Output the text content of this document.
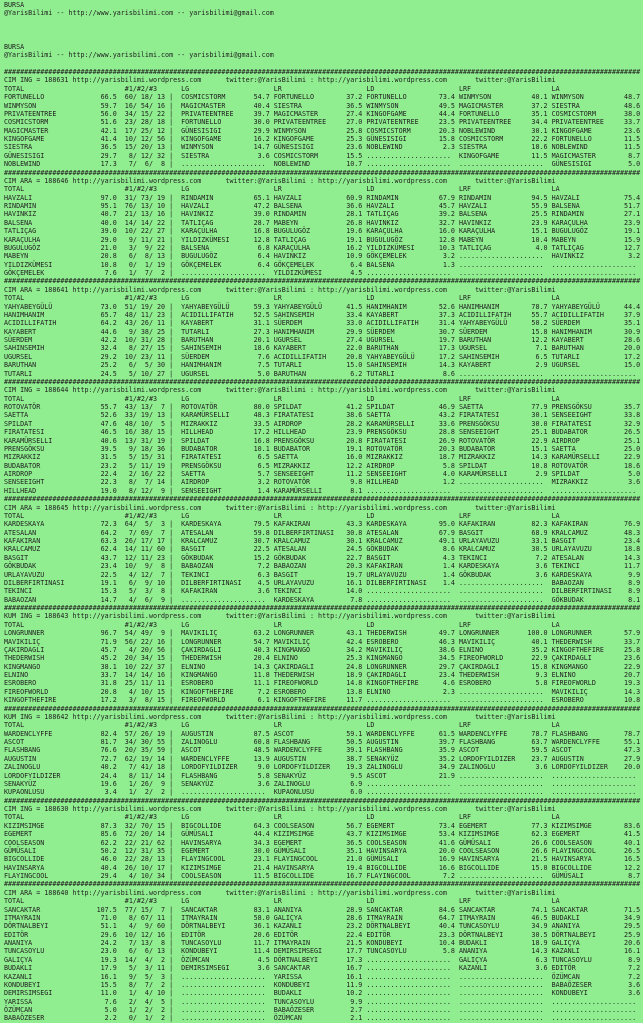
BURSA
@YarisBilimi -- http://www.yarisbilimi.com -- yarisbilimi@gmail.com

BURSA
@YarisBilimi -- http://www.yarisbilimi.com -- yarisbilimi@gmail.com

##############################################################################################################################################################
CIM ING = 188631 http://yarisbilimi.wordpress.com      twitter:@YarisBilimi : http://yarisbilimi.wordpress.com       twitter:@YarisBilimi
TOTAL                         #1/#2/#3      LG                     LR                     LD                     LRF                    LA
FORTUNELLO              66.5  60/ 18/ 13 |  COSMICSTORM       54.7 FORTUNELLO        37.2 FORTUNELLO        73.4 WINMYSON          40.1 WINMYSON          48.7
WINMYSON                59.7  16/ 54/ 16 |  MAGICMASTER       40.4 SIESTRA           36.5 WINMYSON          49.5 MAGICMASTER       37.2 SIESTRA           48.6
PRIVATEENTREE           56.0  34/ 15/ 22 |  PRIVATEENTREE     39.7 MAGICMASTER       27.4 KINGOFGAME        44.4 FORTUNELLO        35.1 COSMICSTORM       38.0
COSMICSTORM             51.6  23/ 28/ 18 |  FORTUNELLO        30.0 PRIVATEENTREE     27.0 PRIVATEENTREE     23.5 PRIVATEENTREE     34.4 PRIVATEENTREE     33.7
MAGICMASTER             42.1  17/ 25/ 12 |  GÜNESISIGI        29.9 WINMYSON          25.8 COSMICSTORM       20.3 NOBLEWIND         30.1 KINGOFGAME        23.6
KINGOFGAME              41.4  10/ 12/ 56 |  KINGOFGAME        16.2 KINGOFGAME        25.3 GÜNESISIGI        15.8 COSMICSTORM       22.2 FORTUNELLO        11.5
SIESTRA                 36.5  15/ 20/ 13 |  WINMYSON          14.7 GÜNESISIGI        23.6 NOBLEWIND          2.3 SIESTRA           18.6 NOBLEWIND         11.5
GÜNESISIGI              29.7   8/ 12/ 32 |  SIESTRA            3.6 COSMICSTORM       15.5 .....................  KINGOFGAME        11.5 MAGICMASTER        8.7
NOBLEWIND               17.3   7/  6/  8 |  .....................  NOBLEWIND         10.7 .....................  .....................  GÜNESISIGI         5.0
##############################################################################################################################################################
CIM ARA = 188646 http://yarisbilimi.wordpress.com      twitter:@YarisBilimi : http://yarisbilimi.wordpress.com       twitter:@YarisBilimi
TOTAL                         #1/#2/#3      LG                     LR                     LD                     LRF                    LA
HAVZALI                 97.0  31/ 73/ 19 |  RINDAMIN          65.1 HAVZALI           60.9 RINDAMIN          67.9 RINDAMIN          94.5 HAVZALI           75.4
RINDAMIN                95.1  76/ 13/ 10 |  HAVZALI           47.2 BALSENA           36.6 HAVZALI           45.7 HAVZALI           55.9 BALSENA           51.7
HAVINKIZ                40.7  21/ 13/ 16 |  HAVINKIZ          39.0 RINDAMIN          28.1 TATLIÇAG          39.2 BALSENA           25.5 RINDAMIN          27.1
BALSENA                 40.0  14/ 14/ 22 |  TATLIÇAG          28.7 MABEYN            26.8 HAVINKIZ          32.7 HAVINKIZ          23.9 KARAÇULHA         23.9
TATLIÇAG                39.0  10/ 22/ 27 |  KARAÇULHA         16.8 BUGULUGÖZ         19.6 KARAÇULHA         16.0 KARAÇULHA         15.1 BUGULUGÖZ         19.1
KARAÇULHA               29.0   9/ 11/ 21 |  YILDIZKÜMESI      12.8 TATLIÇAG          19.1 BUGULUGÖZ         12.8 MABEYN            10.4 MABEYN            15.9
BUGULUGÖZ               21.0   3/  9/ 22 |  BALSENA            6.8 KARAÇULHA         16.2 YILDIZKÜMESI      10.3 TATLIÇAG           4.0 TATLIÇAG          12.7
MABEYN                  20.8   6/  8/ 13 |  BUGULUGÖZ          6.4 HAVINKIZ          10.9 GÖKÇEMELEK         3.2 .....................  HAVINKIZ           3.2
YILDIZKÜMESI            10.8   0/  1/ 19 |  GÖKÇEMELEK         6.4 GÖKÇEMELEK         6.4 BALSENA            1.3 .....................  .....................
GÖKÇEMELEK               7.6   1/  7/  2 |  .....................  YILDIZKÜMESI       4.5 .....................  .....................  .....................
##############################################################################################################################################################
CIM ARA = 188641 http://yarisbilimi.wordpress.com      twitter:@YarisBilimi : http://yarisbilimi.wordpress.com       twitter:@YarisBilimi
TOTAL                         #1/#2/#3      LG                     LR                     LD                     LRF                    LA
YAHYABEYGÜLÜ            73.0  51/ 19/ 20 |  YAHYABEYGÜLÜ      59.3 YAHYABEYGÜLÜ      41.5 HANIMHANIM        52.6 HANIMHANIM        78.7 YAHYABEYGÜLÜ      44.4
HANIMHANIM              65.7  48/ 11/ 23 |  ACIDILLIFATIH     52.5 SAHINSEMIH        33.4 KAYABERT          37.3 ACIDILLIFATIH     55.7 ACIDILLIFATIH     37.9
ACIDILLIFATIH           64.2  43/ 26/ 11 |  KAYABERT          31.1 SÜERDEM           33.0 ACIDILLIFATIH     31.4 YAHYABEYGÜLÜ      50.2 SÜERDEM           35.1
KAYABERT                44.6   9/ 38/ 25 |  TUTARLI           27.3 HANIMHANIM        29.9 SÜERDEM           30.7 SÜERDEM           15.8 HANIMHANIM        30.9
SÜERDEM                 42.2  10/ 31/ 28 |  BARUTHAN          20.1 UGURSEL           27.4 UGURSEL           19.7 BARUTHAN          12.2 KAYABERT          28.6
SAHINSEMIH              32.4   8/ 27/ 15 |  SAHINSEMIH        18.6 KAYABERT          22.0 BARUTHAN          17.3 UGURSEL            7.1 BARUTHAN          20.0
UGURSEL                 29.2  10/ 23/ 11 |  SÜERDEM            7.6 ACIDILLIFATIH     20.8 YAHYABEYGÜLÜ      17.2 SAHINSEMIH         6.5 TUTARLI           17.2
BARUTHAN                25.2   6/  5/ 30 |  HANIMHANIM         7.5 TUTARLI           15.0 SAHINSEMIH        14.3 KAYABERT           2.9 UGURSEL           15.0
TUTARLI                 24.5   5/ 10/ 27 |  UGURSEL            5.0 BARUTHAN           6.2 TUTARLI            8.6 .....................  .....................
##############################################################################################################################################################
CIM ING = 188644 http://yarisbilimi.wordpress.com      twitter:@YarisBilimi : http://yarisbilimi.wordpress.com       twitter:@YarisBilimi
TOTAL                         #1/#2/#3      LG                     LR                     LD                     LRF                    LA
ROTOVATÖR               55.7  43/ 13/  7 |  ROTOVATÖR         80.0 SPILDAT           41.2 SPILDAT           46.9 SAETTA            77.9 PRENSGÖKSU        35.7
SAETTA                  52.6  33/ 19/ 13 |  KARAMÜRSELLI      48.3 FIRATATESI        38.6 SAETTA            43.2 FIRATATESI        30.1 SENSEEIGHT        33.8
SPILDAT                 47.6  48/ 10/  5 |  MIZRAKKIZ         33.5 AIRDROP           28.2 KARAMÜRSELLI      33.6 PRENSGÖKSU        30.0 FIRATATESI        32.9
FIRATATESI              46.5  16/ 38/ 15 |  HILLHEAD          17.2 HILLHEAD          23.9 PRENSGÖKSU        28.8 SENSEEIGHT        25.1 BUDABATOR         26.5
KARAMÜRSELLI            40.6  13/ 31/ 19 |  SPILDAT           16.8 PRENSGÖKSU        20.8 FIRATATESI        26.9 ROTOVATÖR         22.9 AIRDROP           25.1
PRENSGÖKSU              39.5   9/ 18/ 36 |  BUDABATOR         10.1 BUDABATOR         19.1 ROTOVATÖR         20.3 BUDABATOR         15.1 SAETTA            25.0
MIZRAKKIZ               31.5   5/ 15/ 31 |  FIRATATESI         6.5 SAETTA            16.0 MIZRAKKIZ         18.7 MIZRAKKIZ         14.3 KARAMÜRSELLI      22.9
BUDABATOR               23.2   5/ 11/ 19 |  PRENSGÖKSU         6.5 MIZRAKKIZ         12.2 AIRDROP            5.8 SPILDAT           10.8 ROTOVATÖR         18.6
AIRDROP                 22.4   2/ 16/ 22 |  SAETTA             5.7 SENSEEIGHT        11.2 SENSEEIGHT         4.0 KARAMÜRSELLI       2.9 SPILDAT            5.0
SENSEEIGHT              22.3   8/  7/ 14 |  AIRDROP            3.2 ROTOVATÖR          9.8 HILLHEAD           1.2 .....................  MIZRAKKIZ          3.6
HILLHEAD                19.0   8/ 12/  9 |  SENSEEIGHT         1.4 KARAMÜRSELLI       8.1 .....................  .....................  .....................
##############################################################################################################################################################
CIM ARA = 188645 http://yarisbilimi.wordpress.com      twitter:@YarisBilimi : http://yarisbilimi.wordpress.com       twitter:@YarisBilimi
TOTAL                         #1/#2/#3      LG                     LR                     LD                     LRF                    LA
KARDESKAYA              72.3  64/  5/  3 |  KARDESKAYA        79.5 KAFAKIRAN         43.3 KARDESKAYA        95.0 KAFAKIRAN         82.3 KAFAKIRAN         76.9
ATESALAN                64.2   7/ 69/  7 |  ATESALAN          59.8 DILBERFIRTINASI   30.8 ATESALAN          67.9 BASGIT            68.9 KRALCAMUZ         48.3
KAFAKIRAN               63.3  26/ 17/ 17 |  KRALCAMUZ         30.7 KRALCAMUZ         30.1 KRALCAMUZ         49.1 URLAYAVUZU        33.1 BASGIT            23.4
KRALCAMUZ               62.4  14/ 11/ 60 |  BASGIT            22.5 ATESALAN          24.5 GÖKBUDAK           8.6 KRALCAMUZ         30.5 URLAYAVUZU        18.8
BASGIT                  43.7  12/ 11/ 23 |  GÖKBUDAK          15.2 GÖKBUDAK          22.7 BASGIT             4.3 TEKINCI            7.2 ATESALAN          14.3
GÖKBUDAK                23.4  10/  9/  8 |  BABAOZAN           7.2 BABAOZAN          20.3 KAFAKIRAN          1.4 KARDESKAYA         3.6 TEKINCI           11.7
URLAYAVUZU              22.5   4/ 12/  7 |  TEKINCI            6.3 BASGIT            19.7 URLAYAVUZU         1.4 GÖKBUDAK           3.6 KARDESKAYA         9.9
DILBERFIRTINASI         19.1   6/  9/ 10 |  DILBERFIRTINASI    4.5 URLAYAVUZU        16.1 DILBERFIRTINASI    1.4 .....................  BABAOZAN           8.9
TEKINCI                 15.3   5/  3/  8 |  KAFAKIRAN          3.6 TEKINCI           14.0 .....................  .....................  DILBERFIRTINASI    8.9
BABAOZAN                14.7   4/  6/  9 |  .....................  KARDESKAYA         7.8 .....................  .....................  GÖKBUDAK           8.1
##############################################################################################################################################################
KUM ING = 188643 http://yarisbilimi.wordpress.com      twitter:@YarisBilimi : http://yarisbilimi.wordpress.com       twitter:@YarisBilimi
TOTAL                         #1/#2/#3      LG                     LR                     LD                     LRF                    LA
LONGRUNNER              96.7  54/ 49/  9 |  MAVIKILIÇ         63.2 LONGRUNNER        43.1 THEDERWISH        49.7 LONGRUNNER       100.0 LONGRUNNER        57.9
MAVIKILIÇ               71.9  56/ 22/ 16 |  LONGRUNNER        54.7 MAVIKILIÇ         42.4 ESROBERO          46.3 MAVIKILIÇ         40.1 THEDERWISH        33.7
ÇAKIRDAGLI              45.7   4/ 20/ 56 |  ÇAKIRDAGLI        40.3 KINGMANGO         34.2 MAVIKILIÇ         38.6 ELNINO            35.2 KINGOFTHEFIRE     25.8
THEDERWISH              45.2  20/ 34/ 15 |  THEDERWISH        20.4 ELNINO            25.3 KINGMANGO         34.5 FIREOFWORLD       22.9 ÇAKIRDAGLI        23.6
KINGMANGO               38.1  10/ 22/ 37 |  ELNINO            14.3 ÇAKIRDAGLI        24.8 LONGRUNNER        29.7 ÇAKIRDAGLI        15.8 KINGMANGO         22.9
ELNINO                  33.7  14/ 14/ 16 |  KINGMANGO         11.8 THEDERWISH        18.9 ÇAKIRDAGLI        23.4 THEDERWISH         9.3 ELNINO            20.7
ESROBERO                31.8  25/ 11/ 11 |  ESROBERO          11.1 FIREOFWORLD       14.8 KINGOFTHEFIRE      4.6 ESROBERO           5.8 FIREOFWORLD       19.3
FIREOFWORLD             20.8   4/ 10/ 15 |  KINGOFTHEFIRE      7.2 ESROBERO          13.8 ELNINO             2.3 .....................  MAVIKILIÇ         14.3
KINGOFTHEFIRE           17.2   3/  8/ 15 |  FIREOFWORLD        6.1 KINGOFTHEFIRE     11.7 .....................  .....................  ESROBERO          10.8
##############################################################################################################################################################
KUM ING = 188642 http://yarisbilimi.wordpress.com      twitter:@YarisBilimi : http://yarisbilimi.wordpress.com       twitter:@YarisBilimi
TOTAL                         #1/#2/#3      LG                     LR                     LD                     LRF                    LA
WARDENCLYFFE            82.4  57/ 26/ 19 |  AUGUSTIN          87.5 ASCOT             59.1 WARDENCLYFFE      61.5 WARDENCLYFFE      78.7 FLASHBANG         78.7
ASCOT                   81.7  34/ 30/ 55 |  ZALINOGLU         60.8 FLASHBANG         50.5 AUGUSTIN          39.7 FLASHBANG         63.7 WARDENCLYFFE      55.1
FLASHBANG               76.6  20/ 35/ 59 |  ASCOT             48.5 WARDENCLYFFE      39.1 FLASHBANG         35.9 ASCOT             59.5 ASCOT             47.3
AUGUSTIN                72.7  62/ 19/ 14 |  WARDENCLYFFE      13.9 AUGUSTIN          38.7 SENAKYÜZ          35.2 LORDOFYILDIZER    23.7 AUGUSTIN          27.9
ZALINOGLU               40.2   7/ 41/ 18 |  LORDOFYILDIZER     9.0 LORDOFYILDIZER    19.3 ZALINOGLU         34.9 ZALINOGLU          3.6 LORDOFYILDIZER    20.0
LORDOFYILDIZER          24.4   8/ 11/ 14 |  FLASHBANG          5.8 SENAKYÜZ           9.5 ASCOT             21.9 .....................  .....................
SENAKYÜZ                19.6   1/ 26/  9 |  SENAKYÜZ           3.6 ZALINOGLU          6.9 .....................  .....................  .....................
KUPAONLUSU               3.4   1/  2/  2 |  .....................  KUPAONLUSU         6.0 .....................  .....................  .....................
##############################################################################################################################################################
CIM ING = 188630 http://yarisbilimi.wordpress.com      twitter:@YarisBilimi : http://yarisbilimi.wordpress.com       twitter:@YarisBilimi
TOTAL                         #1/#2/#3      LG                     LR                     LD                     LRF                    LA
KIZIMSIMGE              87.3  32/ 70/ 15 |  BIGCOLLIDE        64.3 COOLSEASON        56.7 EGEMERT           73.4 EGEMERT           77.3 KIZIMSIMGE        83.6
EGEMERT                 85.6  72/ 20/ 14 |  GÜMÜSALI          44.4 KIZIMSIMGE        43.7 KIZIMSIMGE        53.4 KIZIMSIMGE        62.3 EGEMERT           41.5
COOLSEASON              62.2  22/ 21/ 62 |  HAVINSARYA        34.3 EGEMERT           36.5 COOLSEASON        41.6 GÜMÜSALI          26.6 COOLSEASON        40.1
GÜMÜSALI                50.2  12/ 31/ 35 |  EGEMERT           30.0 GÜMÜSALI          35.1 HAVINSARYA        20.0 COOLSEASON        26.6 FLAYINGCOOL       26.5
BIGCOLLIDE              46.0  22/ 28/ 13 |  FLAYINGCOOL       23.1 FLAYINGCOOL       21.0 GÜMÜSALI          16.9 HAVINSARYA        21.5 HAVINSARYA        16.5
HAVINSARYA              40.4  26/ 10/ 17 |  KIZIMSIMGE        21.4 HAVINSARYA        19.4 BIGCOLLIDE        16.6 BIGCOLLIDE        15.0 BIGCOLLIDE        12.2
FLAYINGCOOL             29.4   4/ 10/ 34 |  COOLSEASON        11.5 BIGCOLLIDE        16.7 FLAYINGCOOL        7.2 .....................  GÜMÜSALI           8.7
##############################################################################################################################################################
CIM ARA = 188640 http://yarisbilimi.wordpress.com      twitter:@YarisBilimi : http://yarisbilimi.wordpress.com       twitter:@YarisBilimi
TOTAL                         #1/#2/#3      LG                     LR                     LD                     LRF                    LA
SANCAKTAR              107.5  77/ 15/  7 |  SANCAKTAR         83.1 ANANIYA           28.9 SANCAKTAR         84.6 SANCAKTAR         74.1 SANCAKTAR         71.5
ITMAYRAIN               71.0   8/ 67/ 11 |  ITMAYRAIN         58.0 GALIÇYA           28.6 ITMAYRAIN         64.7 ITMAYRAIN         46.5 BUDAKLI           34.9
DÖRTNALBEYI             51.1   4/  9/ 60 |  DÖRTNALBEYI       36.1 KAZANLI           23.2 DÖRTNALBEYI       40.4 TUNCASOYLU        34.9 ANANIYA           29.5
EDITÖR                  29.6  10/ 12/ 16 |  EDITÖR            20.6 EDITÖR            22.4 EDITÖR            23.3 DÖRTNALBEYI       30.5 DÖRTNALBEYI       25.9
ANANIYA                 24.2   7/ 13/  8 |  TUNCASOYLU        11.7 ITMAYRAIN         21.5 KONDUBEYI         10.4 BUDAKLI           18.9 GALIÇYA           20.6
TUNCASOYLU              23.0   6/  6/ 13 |  KONDUBEYI         11.4 DEMIRSIMSEGI      17.7 TUNCASOYLU         5.8 ANANIYA           14.3 KAZANLI           16.1
GALIÇYA                 19.3  14/  4/  2 |  ÖZÜMCAN            4.5 DÖRTNALBEYI       17.3 .....................  GALIÇYA            6.3 TUNCASOYLU         8.9
BUDAKLI                 17.9   5/  3/ 11 |  DEMIRSIMSEGI       3.6 SANCAKTAR         16.7 .....................  KAZANLI            3.6 EDITÖR             7.2
KAZANLI                 16.1   9/  5/  3 |  .....................  YARISSA           16.1 .....................  .....................  ÖZÜMCAN            7.2
KONDUBEYI               15.5   8/  7/  2 |  .....................  KONDUBEYI         11.9 .....................  .....................  BABAÖZESER         3.6
DEMIRSIMSEGI            11.0   1/  4/ 10 |  .....................  BUDAKLI           10.2 .....................  .....................  KONDUBEYI          3.6
YARISSA                  7.6   2/  4/  5 |  .....................  TUNCASOYLU         9.9 .....................  .....................  .....................
ÖZÜMCAN                  5.0   1/  2/  2 |  .....................  BABAÖZESER         2.7 .....................  .....................  .....................
BABAÖZESER               2.2   0/  1/  2 |  .....................  ÖZÜMCAN            2.1 .....................  .....................  .....................
